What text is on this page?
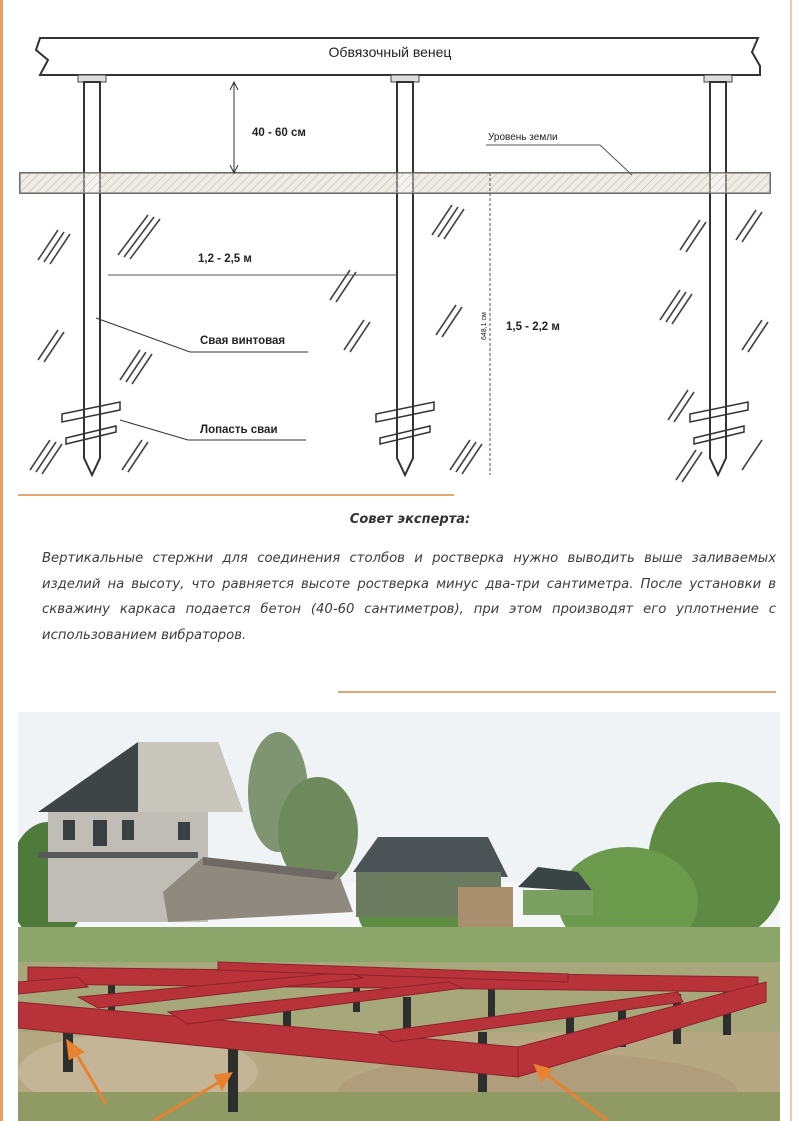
Обвязочный венец
40 - 60 см	Уровень земли
1,2 - 2,5 м
Свая винтовая
648,1 см 1,5 - 2,2 м
Лопасть сваи
Совет эксперта:
Вертикальные стержни для соединения столбов и ростверка нужно выводить выше заливаемых изделий на высоту, что равняется высоте ростверка минус два-три сантиметра. После установки в скважину каркаса подается бетон (40-60 сантиметров), при этом производят его уплотнение с использованием вибраторов.
